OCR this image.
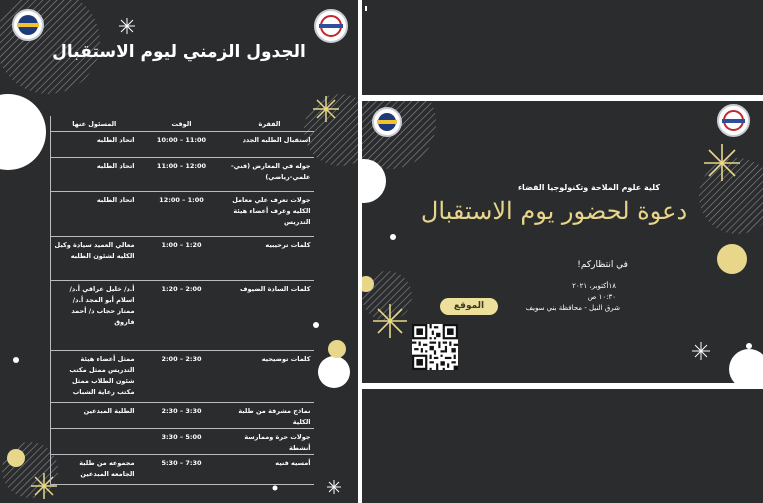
الجدول الزمني ليوم الاستقبال
الفقرة	الوقت	المسئول عنها
استقبال الطلبه الجدد	10:00 – 11:00	اتحاد الطلبه
جوله في المعارض (فني-علمي-رياضي)	11:00 – 12:00	اتحاد الطلبه
جولات تعرف علي معامل الكليه وغرف أعضاء هيئة التدريس	12:00 – 1:00	اتحاد الطلبه
كلمات ترحيبيه	1:00 – 1:20	معالي العميد سيادة وكيل الكليه لشئون الطلبه
كلمات السادة الضيوف	1:20 – 2:00	أ.د/ خليل عراقي أ.د/ اسلام أبو المجد أ.د/ ممتاز حجاب د/ أحمد فاروق
كلمات توضيحيه	2:00 – 2:30	ممثل أعضاء هيئة التدريس ممثل مكتب شئون الطلاب ممثل مكتب رعاية الشباب
نماذج مشرفة من طلبة الكلية	2:30 – 3:30	الطلبة المبدعين
جولات حرة وممارسة أنشطة	3:30 – 5:00	
أمسيه فنيه	5:30 – 7:30	مجموعه من طلبة الجامعه المبدعين
كلية علوم الملاحة وتكنولوجيا الفضاء
دعوة لحضور يوم الاستقبال
في انتظاركم!
١٨أكتوبر، ٢٠٢١
١٠:٣٠ ص
شرق النيل - محافظة بني سويف
الموقع
